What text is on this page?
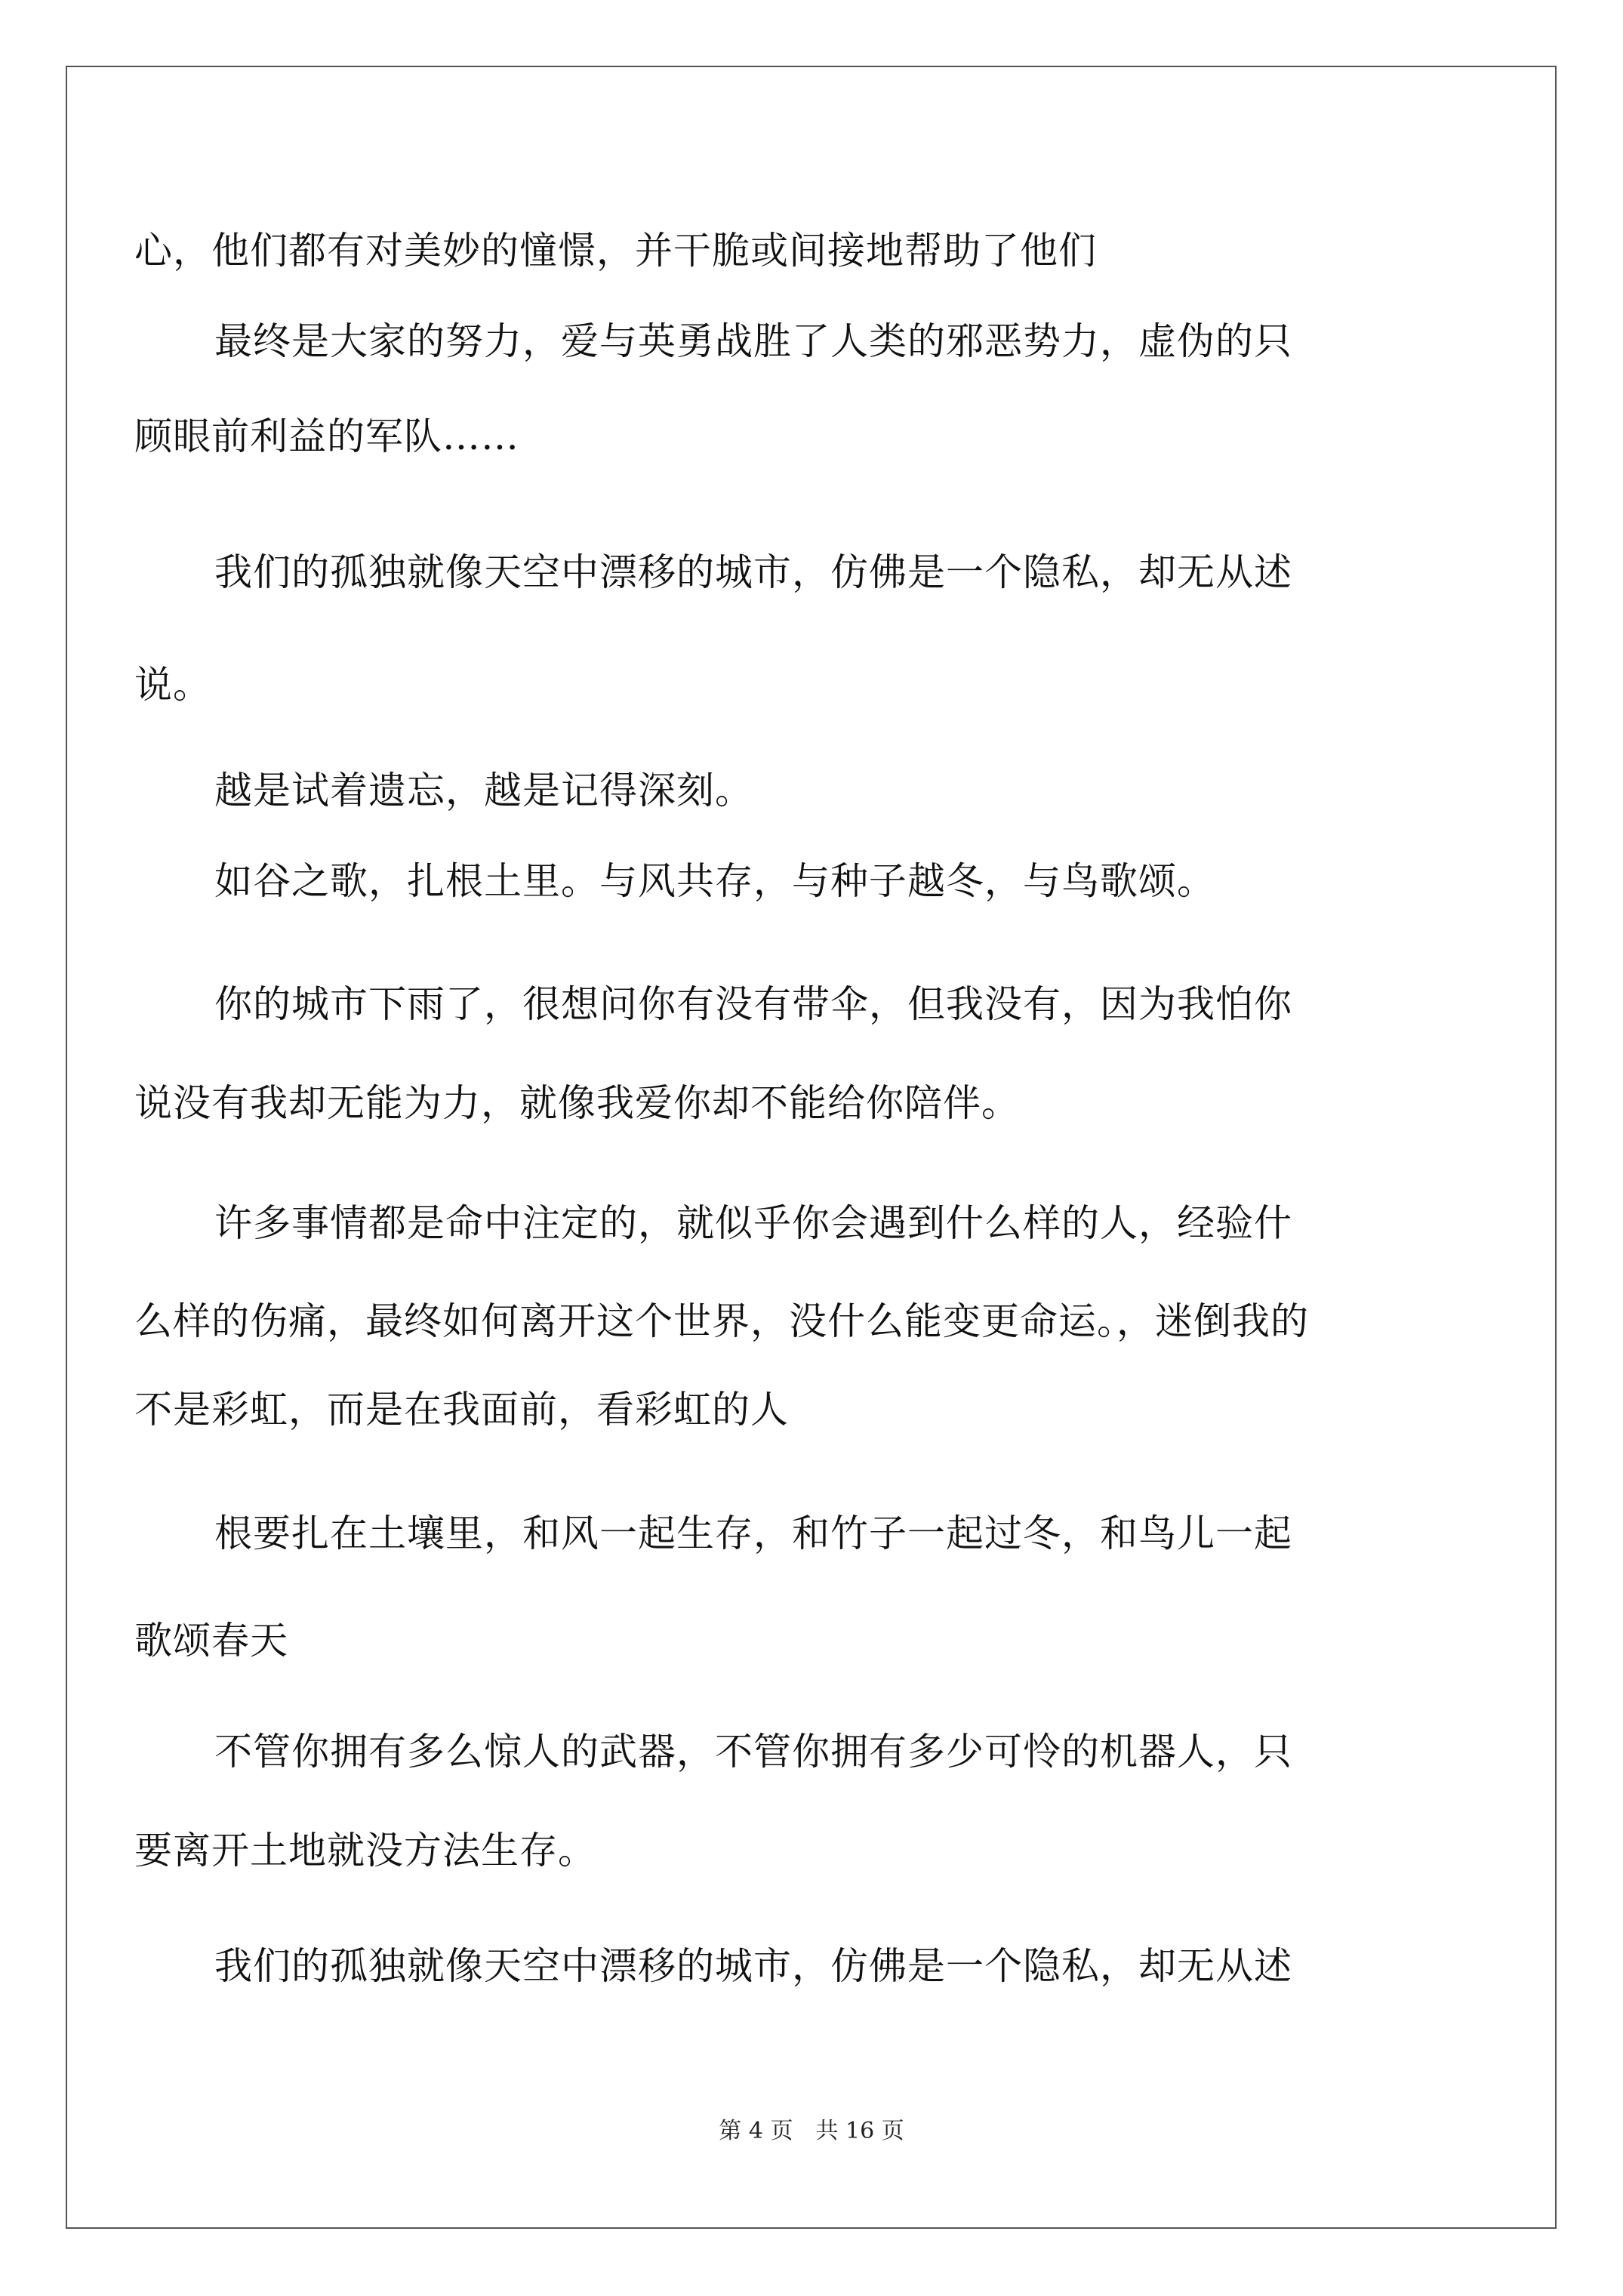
心，他们都有对美妙的憧憬，并干脆或间接地帮助了他们
最终是大家的努力，爱与英勇战胜了人类的邪恶势力，虚伪的只
顾眼前利益的军队……
我们的孤独就像天空中漂移的城市，仿佛是一个隐私，却无从述
说。
越是试着遗忘，越是记得深刻。
如谷之歌，扎根土里。与风共存，与种子越冬，与鸟歌颂。
你的城市下雨了，很想问你有没有带伞，但我没有，因为我怕你
说没有我却无能为力，就像我爱你却不能给你陪伴。
许多事情都是命中注定的，就似乎你会遇到什么样的人，经验什
么样的伤痛，最终如何离开这个世界，没什么能变更命运。，迷倒我的
不是彩虹，而是在我面前，看彩虹的人
根要扎在土壤里，和风一起生存，和竹子一起过冬，和鸟儿一起
歌颂春天
不管你拥有多么惊人的武器，不管你拥有多少可怜的机器人，只
要离开土地就没方法生存。
我们的孤独就像天空中漂移的城市，仿佛是一个隐私，却无从述
第 4 页　共 16 页
